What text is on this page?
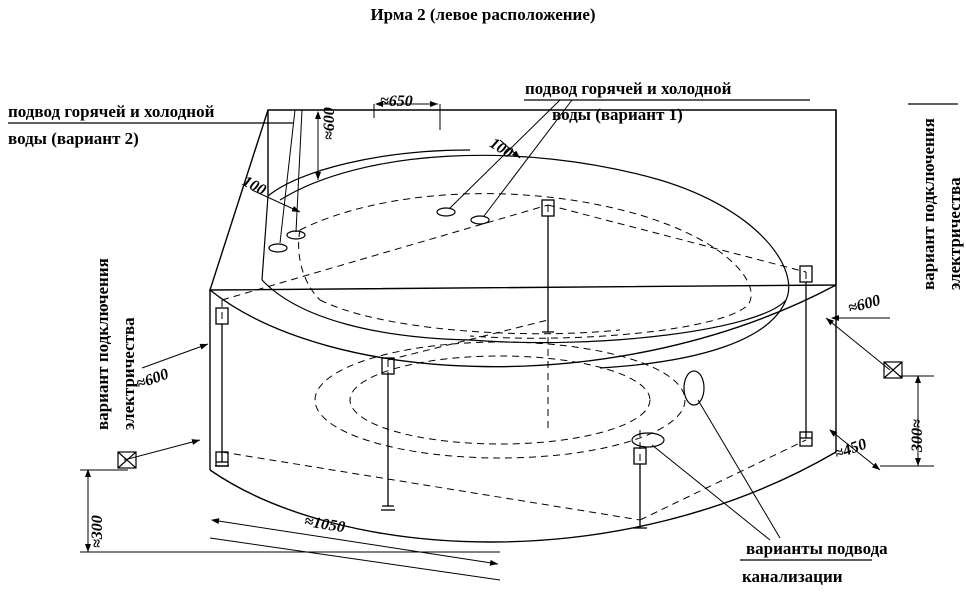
Ирма 2 (левое расположение)
подвод горячей и холодной
воды (вариант 1)
подвод горячей и холодной
воды (вариант 2)
вариант подключения электричества
вариант подключения электричества
варианты подвода
канализации
≈650
≈600
100
100
≈600
≈600
≈300
300≈
≈450
≈1050
